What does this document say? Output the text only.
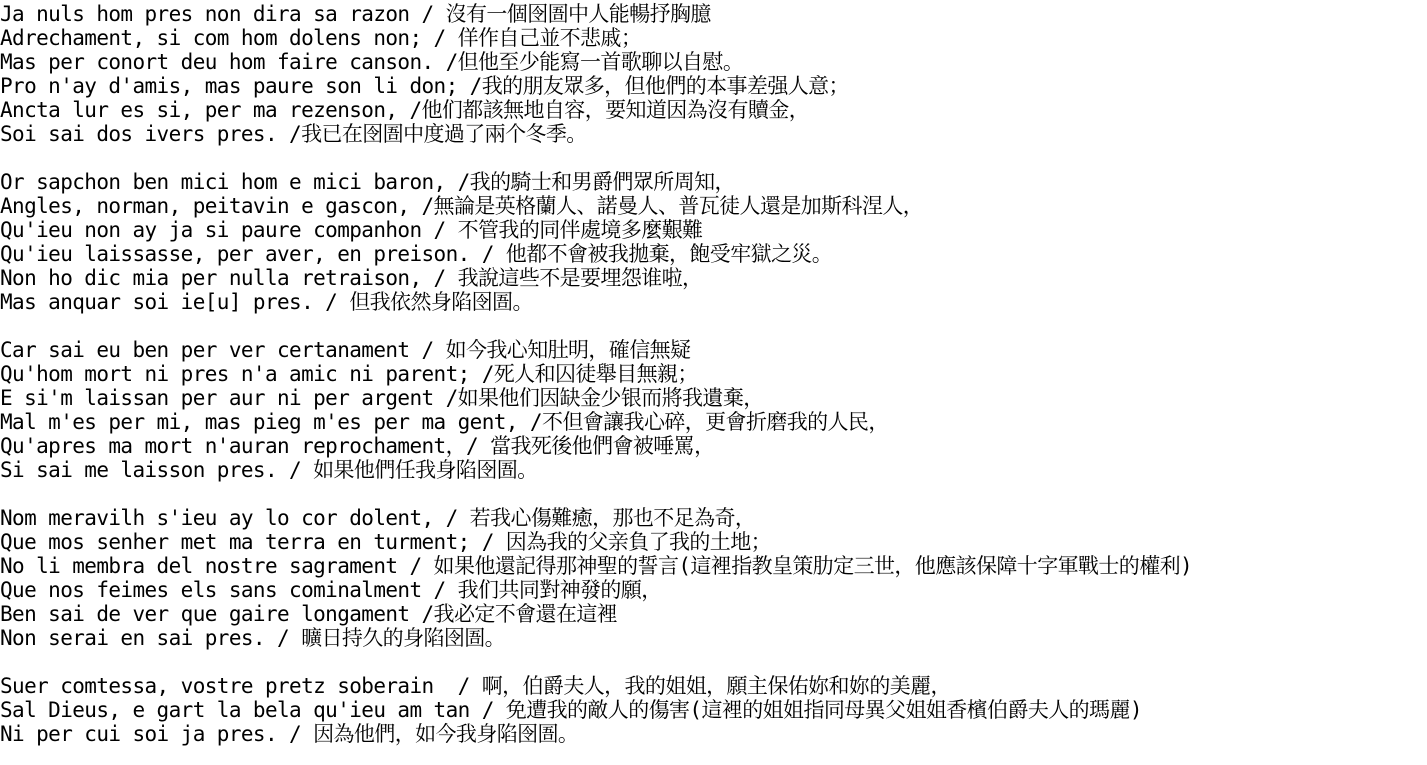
Ja nuls hom pres non dira sa razon / 沒有一個囹圄中人能暢抒胸臆
Adrechament, si com hom dolens non; / 佯作自己並不悲戚；
Mas per conort deu hom faire canson. /但他至少能寫一首歌聊以自慰。
Pro n'ay d'amis, mas paure son li don; /我的朋友眾多，但他們的本事差强人意；
Ancta lur es si, per ma rezenson, /他们都該無地自容，要知道因為沒有贖金，
Soi sai dos ivers pres. /我已在囹圄中度過了兩个冬季。
Or sapchon ben mici hom e mici baron, /我的騎士和男爵們眾所周知，
Angles, norman, peitavin e gascon, /無論是英格蘭人、諾曼人、普瓦徒人還是加斯科涅人，
Qu'ieu non ay ja si paure companhon / 不管我的同伴處境多麼艱難
Qu'ieu laissasse, per aver, en preison. / 他都不會被我拋棄，飽受牢獄之災。
Non ho dic mia per nulla retraison, / 我說這些不是要埋怨谁啦，
Mas anquar soi ie[u] pres. / 但我依然身陷囹圄。
Car sai eu ben per ver certanament / 如今我心知肚明，確信無疑
Qu'hom mort ni pres n'a amic ni parent; /死人和囚徒舉目無親；
E si'm laissan per aur ni per argent /如果他们因缺金少银而將我遺棄，
Mal m'es per mi, mas pieg m'es per ma gent, /不但會讓我心碎，更會折磨我的人民，
Qu'apres ma mort n'auran reprochament，/ 當我死後他們會被唾罵，
Si sai me laisson pres. / 如果他們任我身陷囹圄。
Nom meravilh s'ieu ay lo cor dolent, / 若我心傷難癒，那也不足為奇，
Que mos senher met ma terra en turment; / 因為我的父亲負了我的土地；
No li membra del nostre sagrament / 如果他還記得那神聖的誓言(這裡指教皇策肋定三世，他應該保障十字軍戰士的權利)
Que nos feimes els sans cominalment / 我们共同對神發的願，
Ben sai de ver que gaire longament /我必定不會還在這裡
Non serai en sai pres. / 曠日持久的身陷囹圄。
Suer comtessa, vostre pretz soberain  / 啊，伯爵夫人，我的姐姐，願主保佑妳和妳的美麗，
Sal Dieus, e gart la bela qu'ieu am tan / 免遭我的敵人的傷害(這裡的姐姐指同母異父姐姐香檳伯爵夫人的瑪麗)
Ni per cui soi ja pres. / 因為他們，如今我身陷囹圄。
